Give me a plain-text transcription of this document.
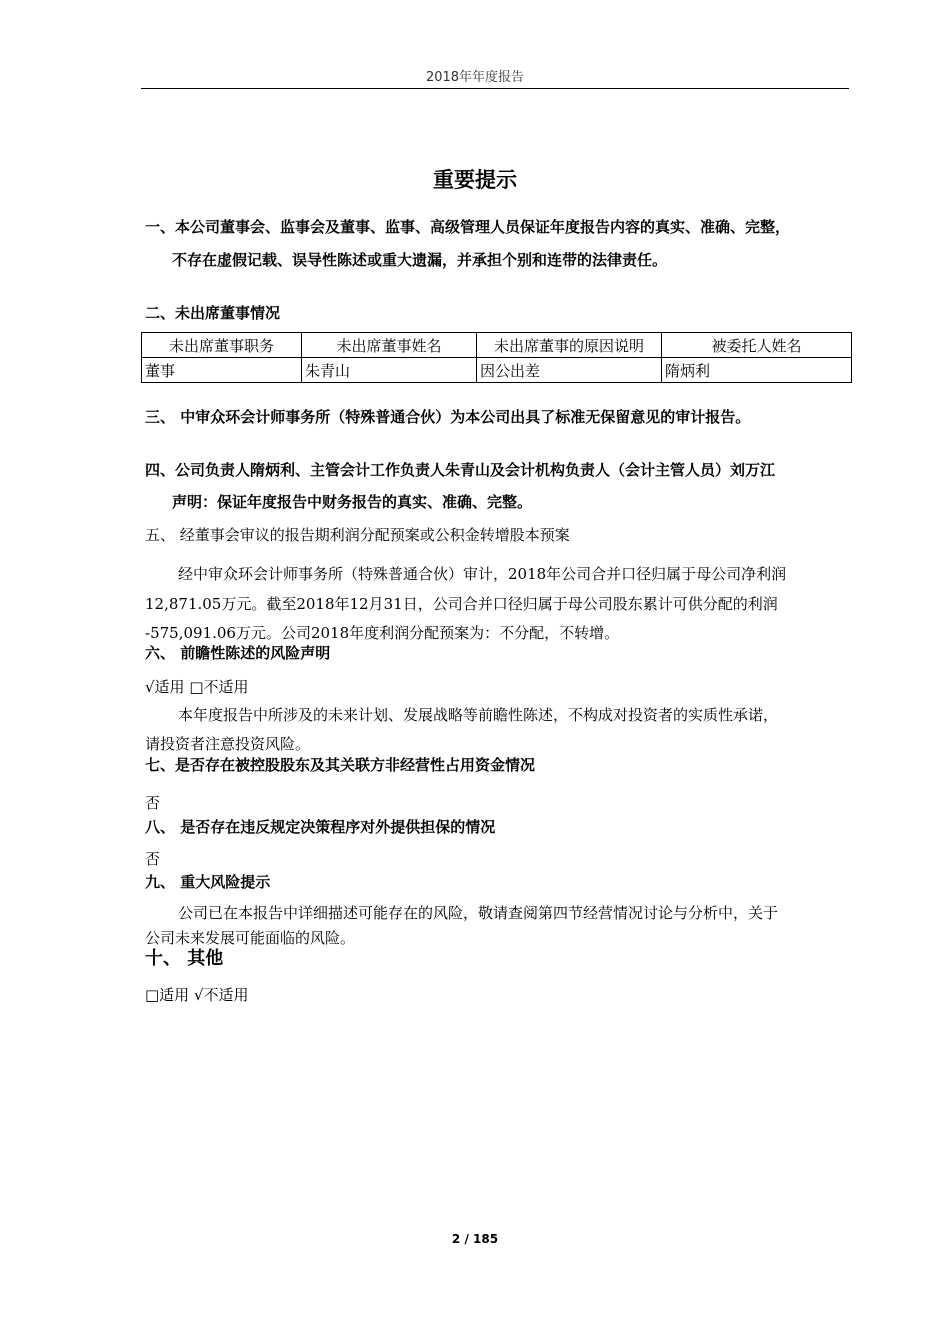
2018年年度报告
重要提示
一、本公司董事会、监事会及董事、监事、高级管理人员保证年度报告内容的真实、准确、完整，
不存在虚假记载、误导性陈述或重大遗漏，并承担个别和连带的法律责任。
二、未出席董事情况
未出席董事职务	未出席董事姓名	未出席董事的原因说明	被委托人姓名
董事	朱青山	因公出差	隋炳利
三、 中审众环会计师事务所（特殊普通合伙）为本公司出具了标准无保留意见的审计报告。
四、公司负责人隋炳利、主管会计工作负责人朱青山及会计机构负责人（会计主管人员）刘万江
声明：保证年度报告中财务报告的真实、准确、完整。
五、 经董事会审议的报告期利润分配预案或公积金转增股本预案
经中审众环会计师事务所（特殊普通合伙）审计，2018年公司合并口径归属于母公司净利润
12,871.05万元。截至2018年12月31日，公司合并口径归属于母公司股东累计可供分配的利润
-575,091.06万元。公司2018年度利润分配预案为：不分配，不转增。
六、 前瞻性陈述的风险声明
√适用 □不适用
本年度报告中所涉及的未来计划、发展战略等前瞻性陈述，不构成对投资者的实质性承诺，
请投资者注意投资风险。
七、是否存在被控股股东及其关联方非经营性占用资金情况
否
八、 是否存在违反规定决策程序对外提供担保的情况
否
九、 重大风险提示
公司已在本报告中详细描述可能存在的风险，敬请查阅第四节经营情况讨论与分析中，关于
公司未来发展可能面临的风险。
十、 其他
□适用 √不适用
2 / 185
